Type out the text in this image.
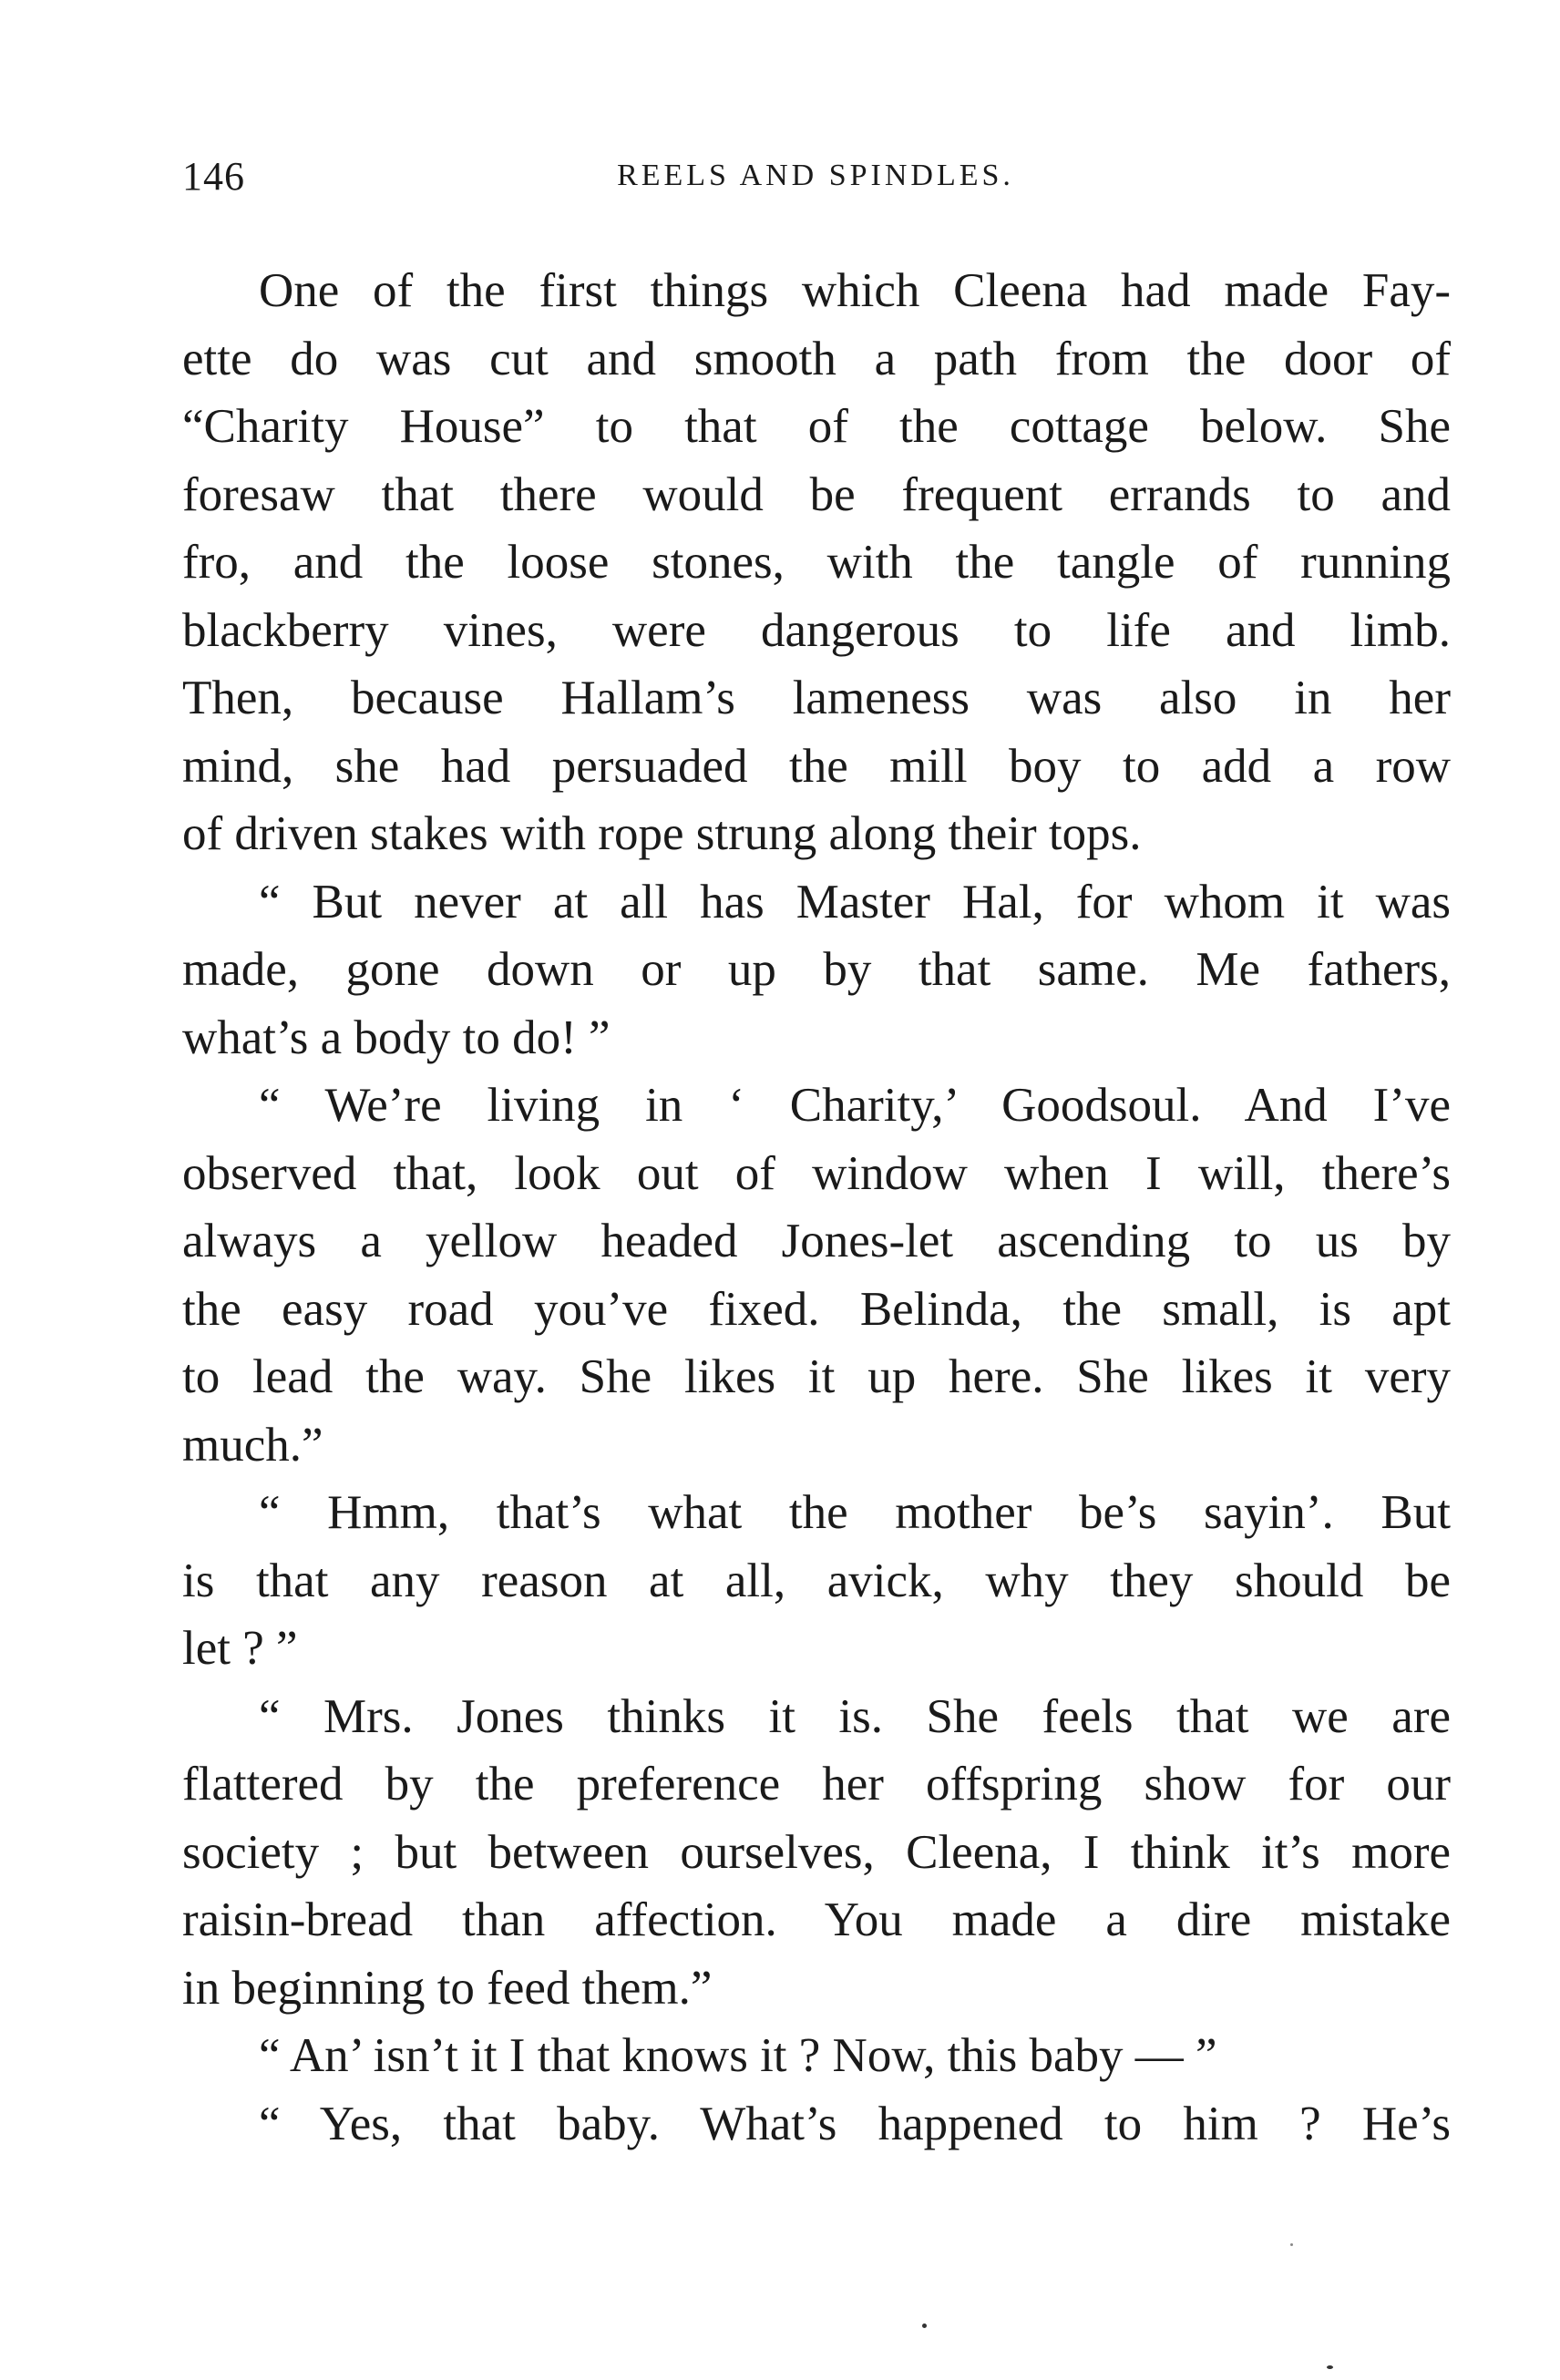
146	REELS AND SPINDLES.
One of the first things which Cleena had made Fay-
ette do was cut and smooth a path from the door of
“Charity House” to that of the cottage below. She
foresaw that there would be frequent errands to and
fro, and the loose stones, with the tangle of running
blackberry vines, were dangerous to life and limb.
Then, because Hallam’s lameness was also in her
mind, she had persuaded the mill boy to add a row
of driven stakes with rope strung along their tops.
“ But never at all has Master Hal, for whom it was
made, gone down or up by that same. Me fathers,
what’s a body to do! ”
“ We’re living in ‘ Charity,’ Goodsoul. And I’ve
observed that, look out of window when I will, there’s
always a yellow headed Jones-let ascending to us by
the easy road you’ve fixed. Belinda, the small, is apt
to lead the way. She likes it up here. She likes it very
much.”
“ Hmm, that’s what the mother be’s sayin’. But
is that any reason at all, avick, why they should be
let ? ”
“ Mrs. Jones thinks it is. She feels that we are
flattered by the preference her offspring show for our
society ; but between ourselves, Cleena, I think it’s more
raisin-bread than affection. You made a dire mistake
in beginning to feed them.”
“ An’ isn’t it I that knows it ? Now, this baby — ”
“ Yes, that baby. What’s happened to him ? He’s
